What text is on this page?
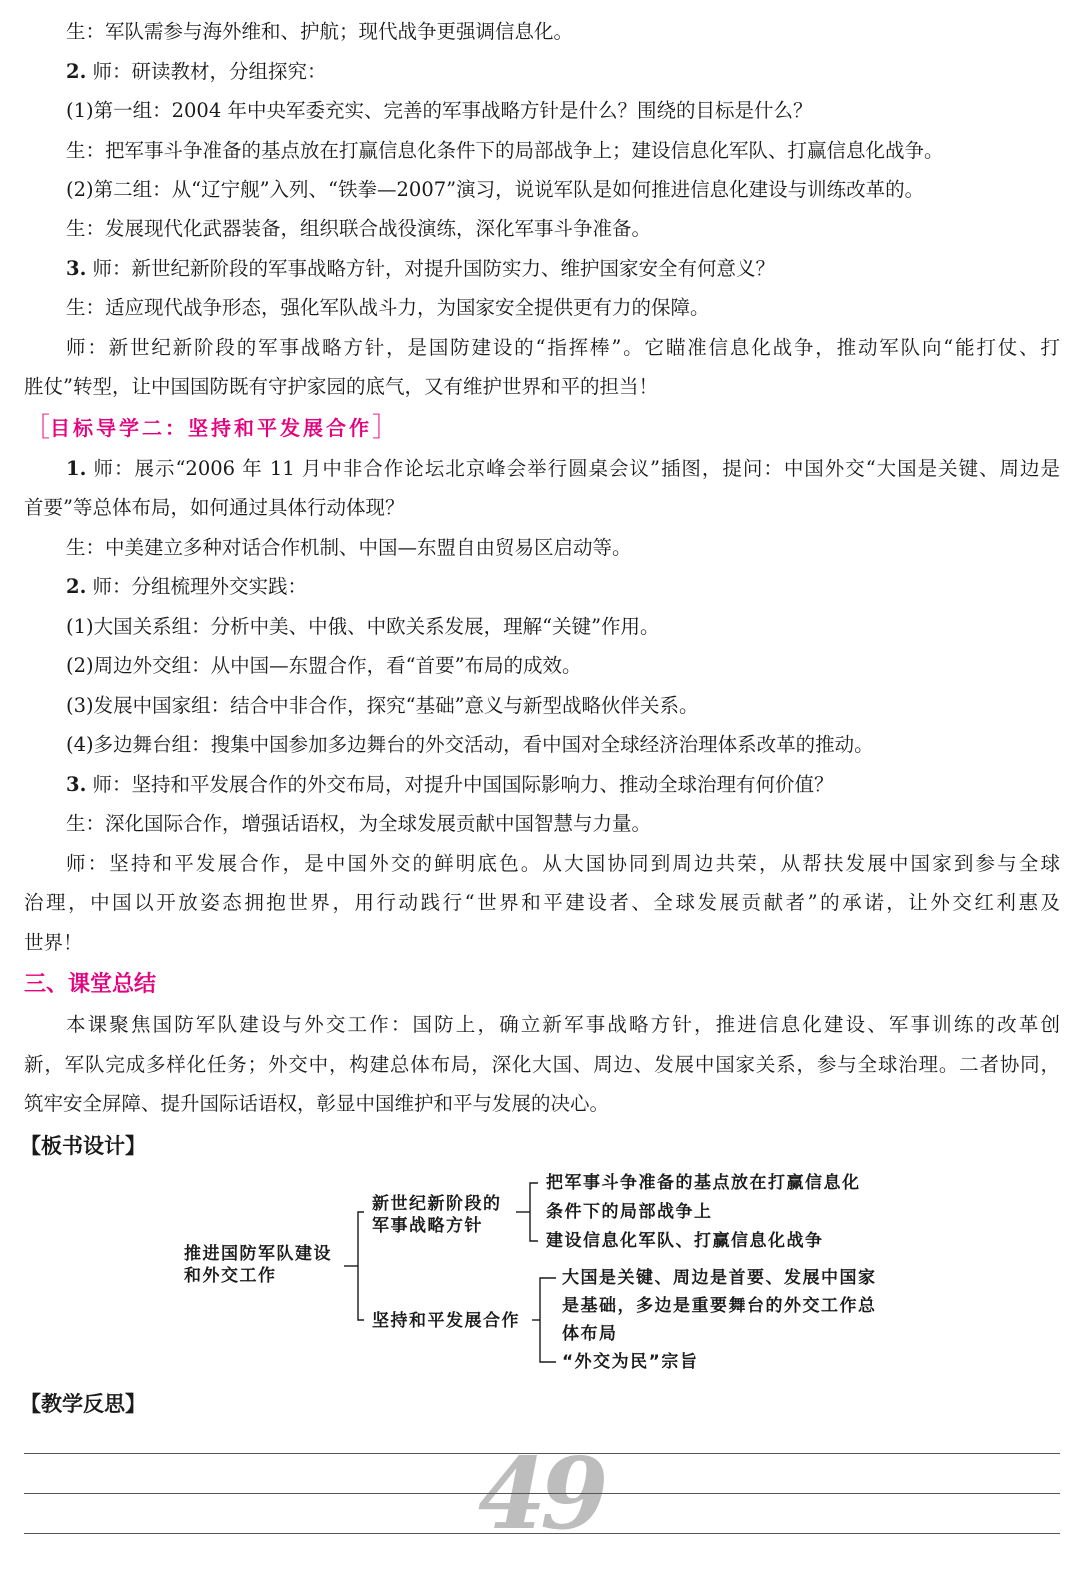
生：军队需参与海外维和、护航；现代战争更强调信息化。
2. 师：研读教材，分组探究：
(1)第一组：2004 年中央军委充实、完善的军事战略方针是什么？围绕的目标是什么？
生：把军事斗争准备的基点放在打赢信息化条件下的局部战争上；建设信息化军队、打赢信息化战争。
(2)第二组：从“辽宁舰”入列、“铁拳—2007”演习，说说军队是如何推进信息化建设与训练改革的。
生：发展现代化武器装备，组织联合战役演练，深化军事斗争准备。
3. 师：新世纪新阶段的军事战略方针，对提升国防实力、维护国家安全有何意义？
生：适应现代战争形态，强化军队战斗力，为国家安全提供更有力的保障。
师：新世纪新阶段的军事战略方针，是国防建设的“指挥棒”。它瞄准信息化战争，推动军队向“能打仗、打
胜仗”转型，让中国国防既有守护家园的底气，又有维护世界和平的担当！
［目标导学二：坚持和平发展合作］
1. 师：展示“2006 年 11 月中非合作论坛北京峰会举行圆桌会议”插图，提问：中国外交“大国是关键、周边是
首要”等总体布局，如何通过具体行动体现？
生：中美建立多种对话合作机制、中国—东盟自由贸易区启动等。
2. 师：分组梳理外交实践：
(1)大国关系组：分析中美、中俄、中欧关系发展，理解“关键”作用。
(2)周边外交组：从中国—东盟合作，看“首要”布局的成效。
(3)发展中国家组：结合中非合作，探究“基础”意义与新型战略伙伴关系。
(4)多边舞台组：搜集中国参加多边舞台的外交活动，看中国对全球经济治理体系改革的推动。
3. 师：坚持和平发展合作的外交布局，对提升中国国际影响力、推动全球治理有何价值？
生：深化国际合作，增强话语权，为全球发展贡献中国智慧与力量。
师：坚持和平发展合作，是中国外交的鲜明底色。从大国协同到周边共荣，从帮扶发展中国家到参与全球
治理，中国以开放姿态拥抱世界，用行动践行“世界和平建设者、全球发展贡献者”的承诺，让外交红利惠及
世界！
三、课堂总结
本课聚焦国防军队建设与外交工作：国防上，确立新军事战略方针，推进信息化建设、军事训练的改革创
新，军队完成多样化任务；外交中，构建总体布局，深化大国、周边、发展中国家关系，参与全球治理。二者协同，
筑牢安全屏障、提升国际话语权，彰显中国维护和平与发展的决心。
【板书设计】
推进国防军队建设
和外交工作
新世纪新阶段的
军事战略方针
把军事斗争准备的基点放在打赢信息化
条件下的局部战争上
建设信息化军队、打赢信息化战争
坚持和平发展合作
大国是关键、周边是首要、发展中国家
是基础，多边是重要舞台的外交工作总
体布局
“外交为民”宗旨
【教学反思】
49
